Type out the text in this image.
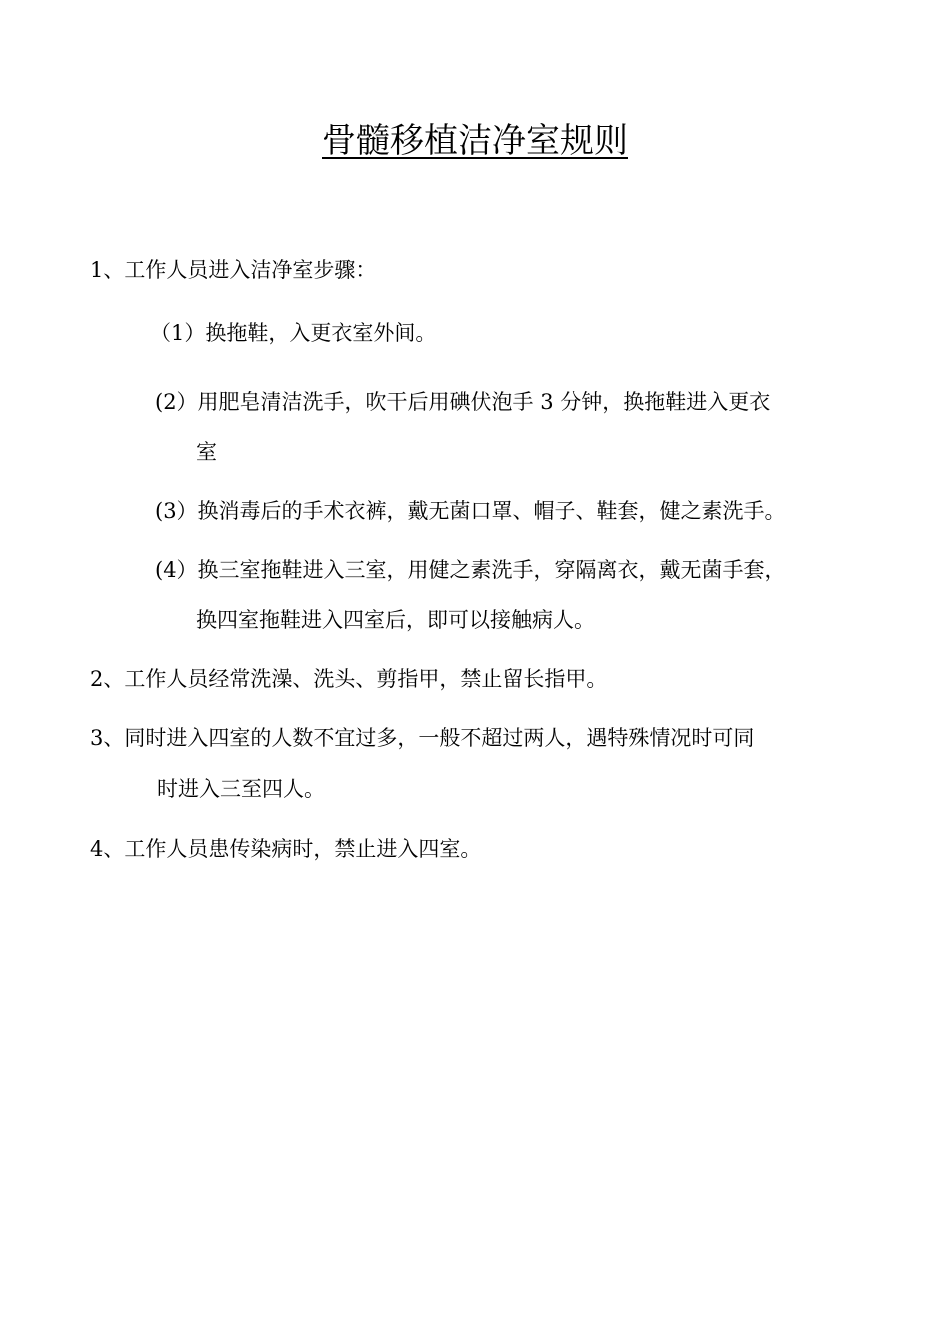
骨髓移植洁净室规则
1、工作人员进入洁净室步骤：
（1）换拖鞋，入更衣室外间。
(2）用肥皂清洁洗手，吹干后用碘伏泡手 3 分钟，换拖鞋进入更衣
室
(3）换消毒后的手术衣裤，戴无菌口罩、帽子、鞋套，健之素洗手。
(4）换三室拖鞋进入三室，用健之素洗手，穿隔离衣，戴无菌手套，
换四室拖鞋进入四室后，即可以接触病人。
2、工作人员经常洗澡、洗头、剪指甲，禁止留长指甲。
3、同时进入四室的人数不宜过多，一般不超过两人，遇特殊情况时可同
时进入三至四人。
4、工作人员患传染病时，禁止进入四室。
